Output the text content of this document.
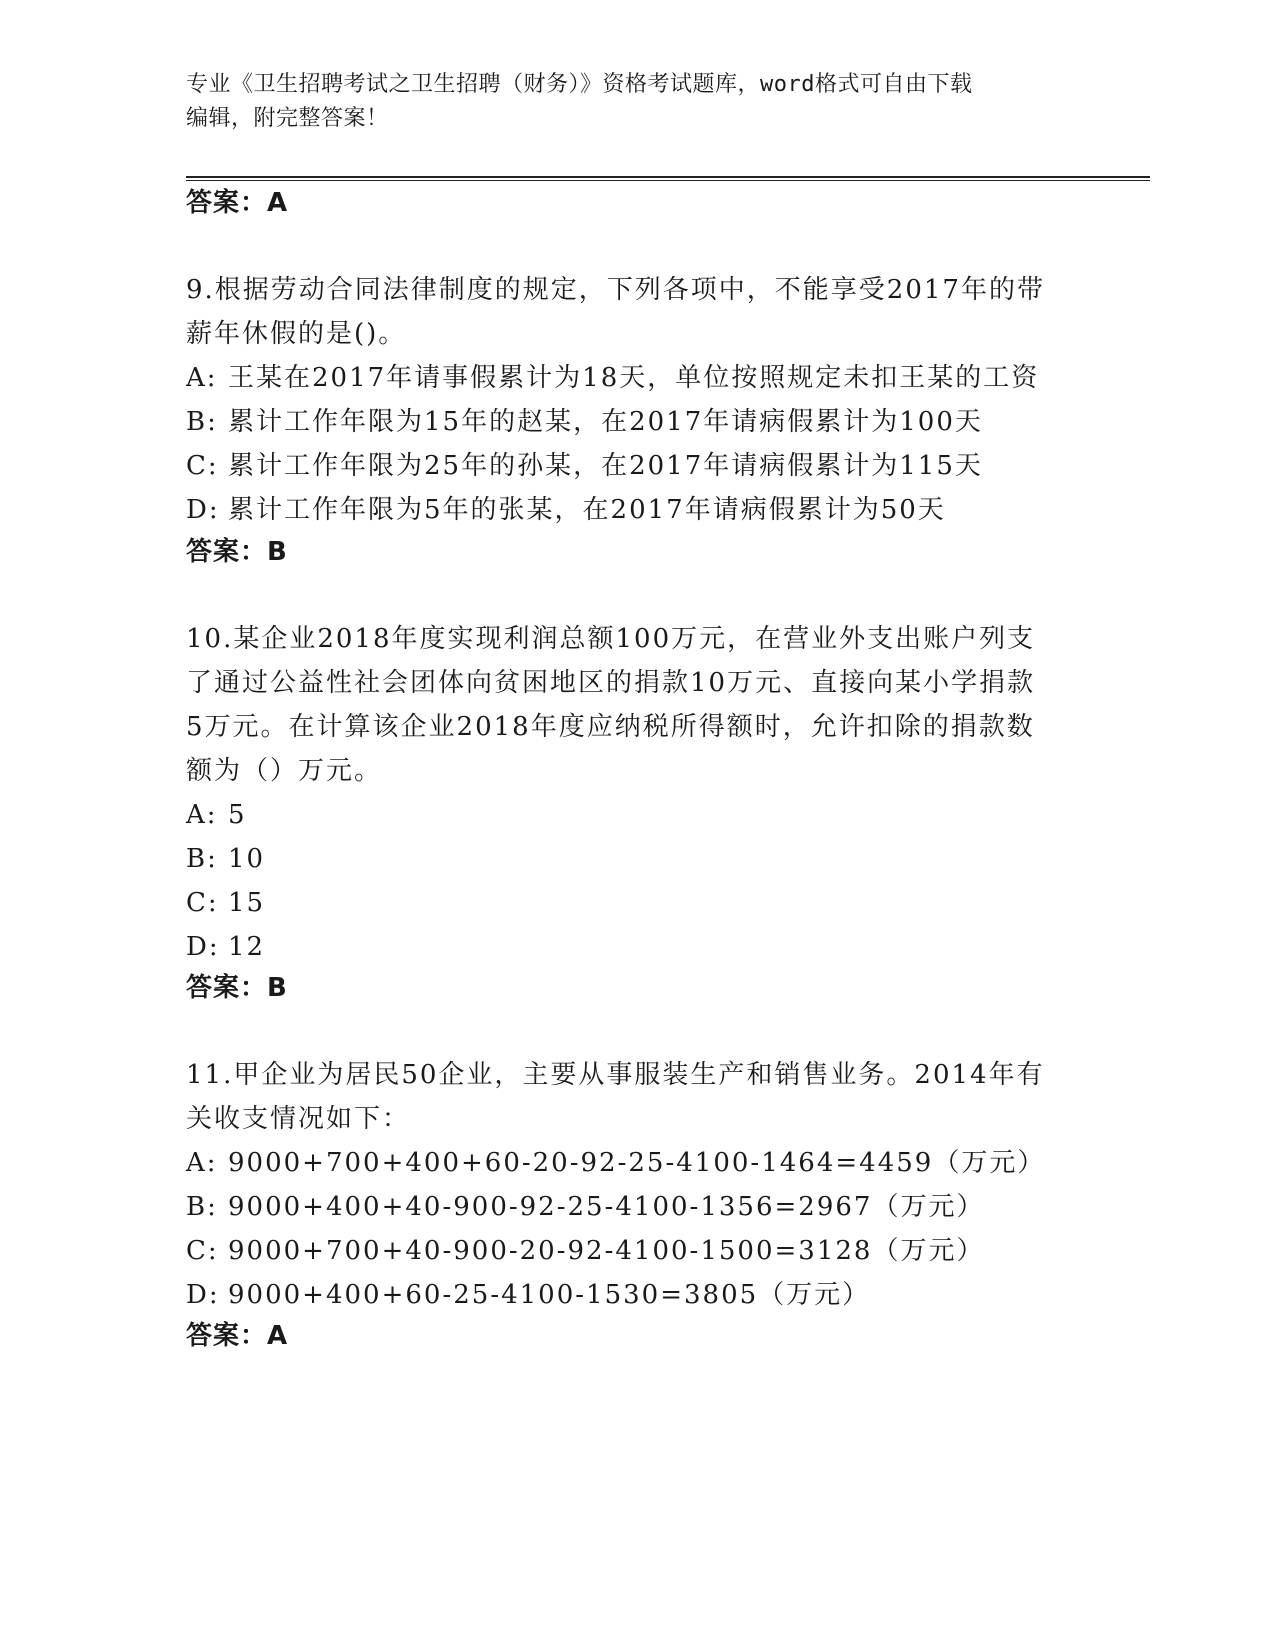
专业《卫生招聘考试之卫生招聘（财务）》资格考试题库，word格式可自由下载
编辑，附完整答案！
答案：A
9.根据劳动合同法律制度的规定，下列各项中，不能享受2017年的带
薪年休假的是()。
A: 王某在2017年请事假累计为18天，单位按照规定未扣王某的工资
B: 累计工作年限为15年的赵某，在2017年请病假累计为100天
C: 累计工作年限为25年的孙某，在2017年请病假累计为115天
D: 累计工作年限为5年的张某，在2017年请病假累计为50天
答案：B
10.某企业2018年度实现利润总额100万元，在营业外支出账户列支
了通过公益性社会团体向贫困地区的捐款10万元、直接向某小学捐款
5万元。在计算该企业2018年度应纳税所得额时，允许扣除的捐款数
额为（）万元。
A: 5
B: 10
C: 15
D: 12
答案：B
11.甲企业为居民50企业，主要从事服装生产和销售业务。2014年有
关收支情况如下：
A: 9000+700+400+60-20-92-25-4100-1464=4459（万元）
B: 9000+400+40-900-92-25-4100-1356=2967（万元）
C: 9000+700+40-900-20-92-4100-1500=3128（万元）
D: 9000+400+60-25-4100-1530=3805（万元）
答案：A
